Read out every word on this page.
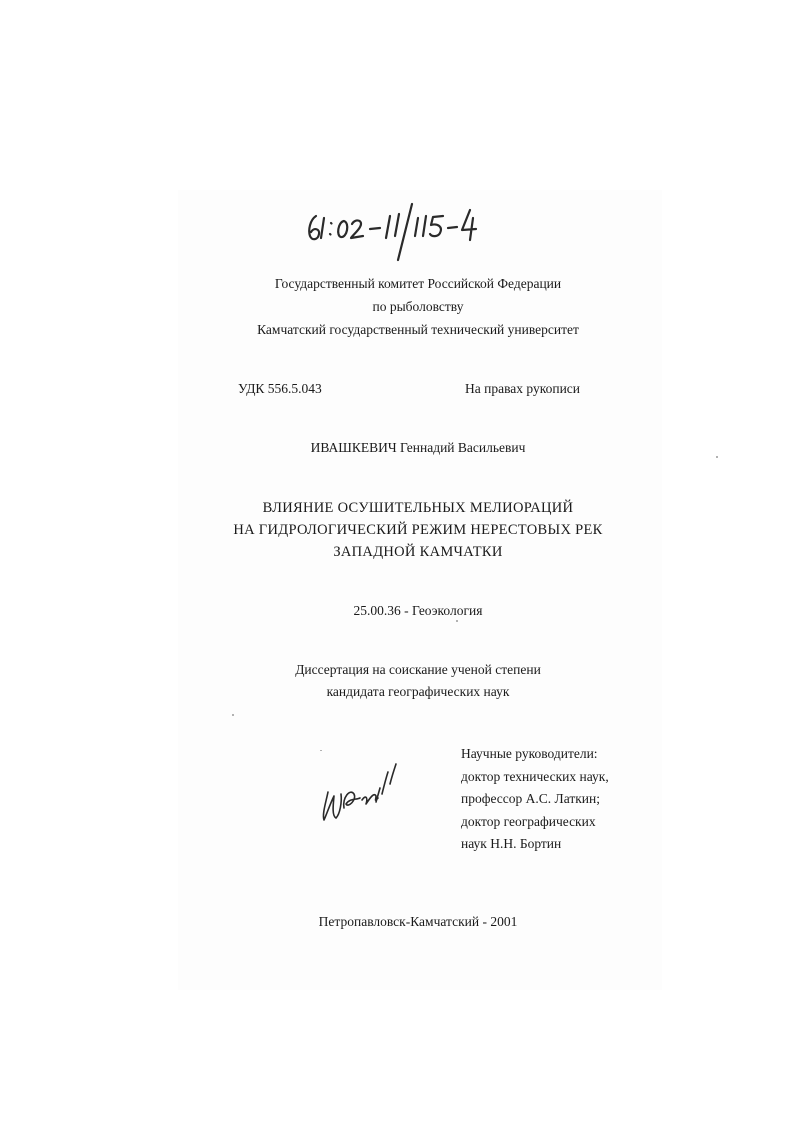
Государственный комитет Российской Федерации
по рыболовству
Камчатский государственный технический университет
УДК 556.5.043	На правах рукописи
ИВАШКЕВИЧ Геннадий Васильевич
ВЛИЯНИЕ ОСУШИТЕЛЬНЫХ МЕЛИОРАЦИЙ
НА ГИДРОЛОГИЧЕСКИЙ РЕЖИМ НЕРЕСТОВЫХ РЕК
ЗАПАДНОЙ КАМЧАТКИ
25.00.36 - Геоэкология
Диссертация на соискание ученой степени
кандидата географических наук
Научные руководители:
доктор технических наук,
профессор А.С. Латкин;
доктор географических
наук Н.Н. Бортин
Петропавловск-Камчатский - 2001
